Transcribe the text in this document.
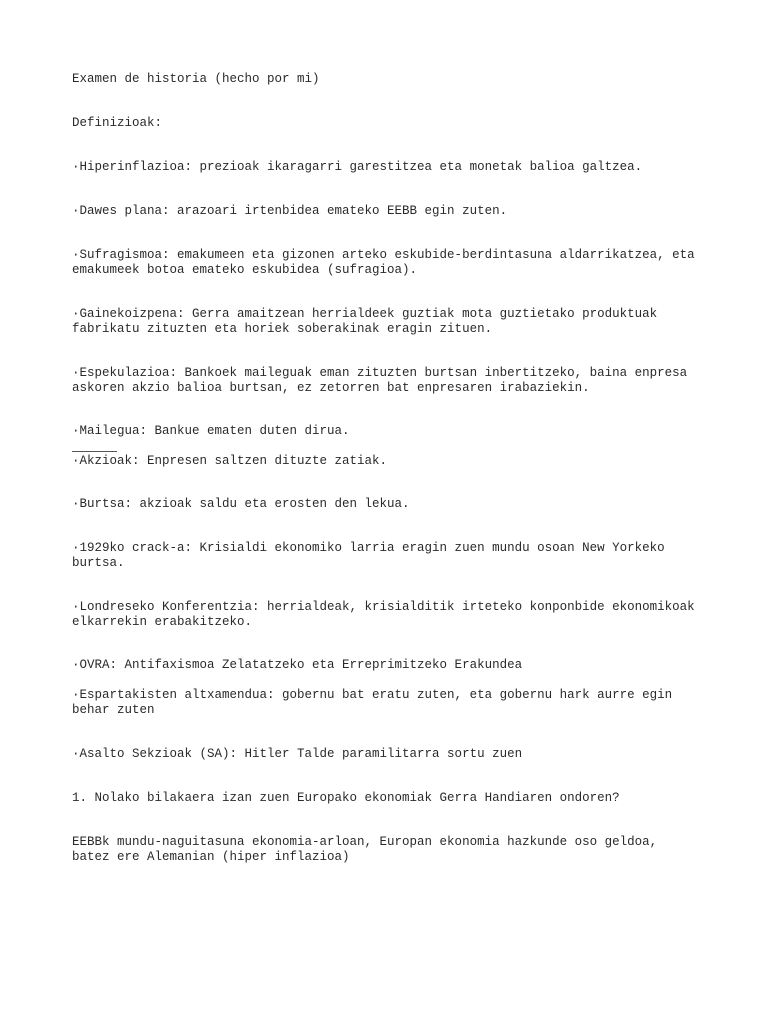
Examen de historia (hecho por mi)

Definizioak:

·Hiperinflazioa: prezioak ikaragarri garestitzea eta monetak balioa galtzea.

·Dawes plana: arazoari irtenbidea emateko EEBB egin zuten.

·Sufragismoa: emakumeen eta gizonen arteko eskubide-berdintasuna aldarrikatzea, eta
emakumeek botoa emateko eskubidea (sufragioa).

·Gainekoizpena: Gerra amaitzean herrialdeek guztiak mota guztietako produktuak
fabrikatu zituzten eta horiek soberakinak eragin zituen.

·Espekulazioa: Bankoek maileguak eman zituzten burtsan inbertitzeko, baina enpresa
askoren akzio balioa burtsan, ez zetorren bat enpresaren irabaziekin.

·Mailegua: Bankue ematen duten dirua.

·Akzioak: Enpresen saltzen dituzte zatiak.

·Burtsa: akzioak saldu eta erosten den lekua.

·1929ko crack-a: Krisialdi ekonomiko larria eragin zuen mundu osoan New Yorkeko
burtsa.

·Londreseko Konferentzia: herrialdeak, krisialditik irteteko konponbide ekonomikoak
elkarrekin erabakitzeko.

·OVRA: Antifaxismoa Zelatatzeko eta Erreprimitzeko Erakundea

·Espartakisten altxamendua: gobernu bat eratu zuten, eta gobernu hark aurre egin
behar zuten

·Asalto Sekzioak (SA): Hitler Talde paramilitarra sortu zuen

1. Nolako bilakaera izan zuen Europako ekonomiak Gerra Handiaren ondoren?

EEBBk mundu-naguitasuna ekonomia-arloan, Europan ekonomia hazkunde oso geldoa,
batez ere Alemanian (hiper inflazioa)
